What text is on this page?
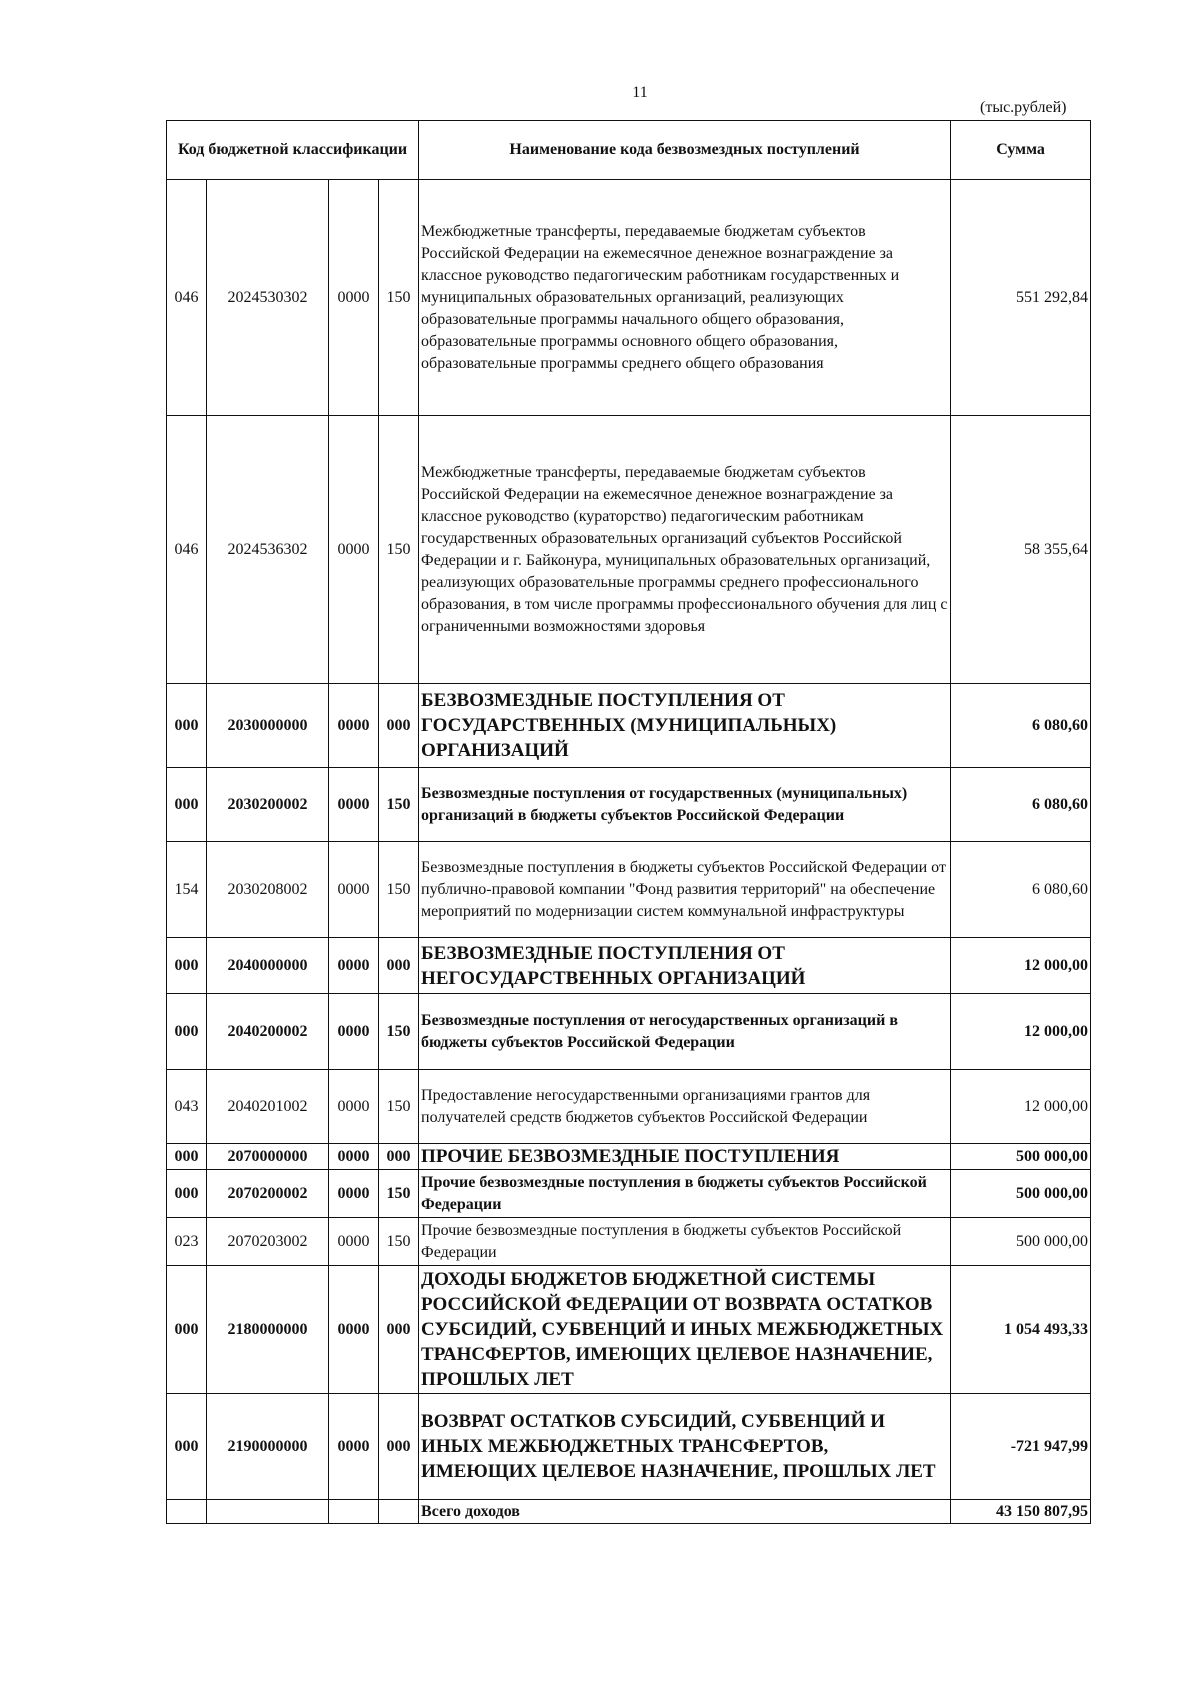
11
(тыс.рублей)
Код бюджетной классификации				Наименование кода безвозмездных поступлений	Сумма
046	2024530302	0000	150	Межбюджетные трансферты, передаваемые бюджетам субъектов Российской Федерации на ежемесячное денежное вознаграждение за классное руководство педагогическим работникам государственных и муниципальных образовательных организаций, реализующих образовательные программы начального общего образования, образовательные программы основного общего образования, образовательные программы среднего общего образования	551 292,84
046	2024536302	0000	150	Межбюджетные трансферты, передаваемые бюджетам субъектов Российской Федерации на ежемесячное денежное вознаграждение за классное руководство (кураторство) педагогическим работникам государственных образовательных организаций субъектов Российской Федерации и г. Байконура, муниципальных образовательных организаций, реализующих образовательные программы среднего профессионального образования, в том числе программы профессионального обучения для лиц с ограниченными возможностями здоровья	58 355,64
000	2030000000	0000	000	БЕЗВОЗМЕЗДНЫЕ ПОСТУПЛЕНИЯ ОТ ГОСУДАРСТВЕННЫХ (МУНИЦИПАЛЬНЫХ) ОРГАНИЗАЦИЙ	6 080,60
000	2030200002	0000	150	Безвозмездные поступления от государственных (муниципальных) организаций в бюджеты субъектов Российской Федерации	6 080,60
154	2030208002	0000	150	Безвозмездные поступления в бюджеты субъектов Российской Федерации от публично-правовой компании "Фонд развития территорий" на обеспечение мероприятий по модернизации систем коммунальной инфраструктуры	6 080,60
000	2040000000	0000	000	БЕЗВОЗМЕЗДНЫЕ ПОСТУПЛЕНИЯ ОТ НЕГОСУДАРСТВЕННЫХ ОРГАНИЗАЦИЙ	12 000,00
000	2040200002	0000	150	Безвозмездные поступления от негосударственных организаций в бюджеты субъектов Российской Федерации	12 000,00
043	2040201002	0000	150	Предоставление негосударственными организациями грантов для получателей средств бюджетов субъектов Российской Федерации	12 000,00
000	2070000000	0000	000	ПРОЧИЕ БЕЗВОЗМЕЗДНЫЕ ПОСТУПЛЕНИЯ	500 000,00
000	2070200002	0000	150	Прочие безвозмездные поступления в бюджеты субъектов Российской Федерации	500 000,00
023	2070203002	0000	150	Прочие безвозмездные поступления в бюджеты субъектов Российской Федерации	500 000,00
000	2180000000	0000	000	ДОХОДЫ БЮДЖЕТОВ БЮДЖЕТНОЙ СИСТЕМЫ РОССИЙСКОЙ ФЕДЕРАЦИИ ОТ ВОЗВРАТА ОСТАТКОВ СУБСИДИЙ, СУБВЕНЦИЙ И ИНЫХ МЕЖБЮДЖЕТНЫХ ТРАНСФЕРТОВ, ИМЕЮЩИХ ЦЕЛЕВОЕ НАЗНАЧЕНИЕ, ПРОШЛЫХ ЛЕТ	1 054 493,33
000	2190000000	0000	000	ВОЗВРАТ ОСТАТКОВ СУБСИДИЙ, СУБВЕНЦИЙ И ИНЫХ МЕЖБЮДЖЕТНЫХ ТРАНСФЕРТОВ, ИМЕЮЩИХ ЦЕЛЕВОЕ НАЗНАЧЕНИЕ, ПРОШЛЫХ ЛЕТ	-721 947,99
				Всего доходов	43 150 807,95
